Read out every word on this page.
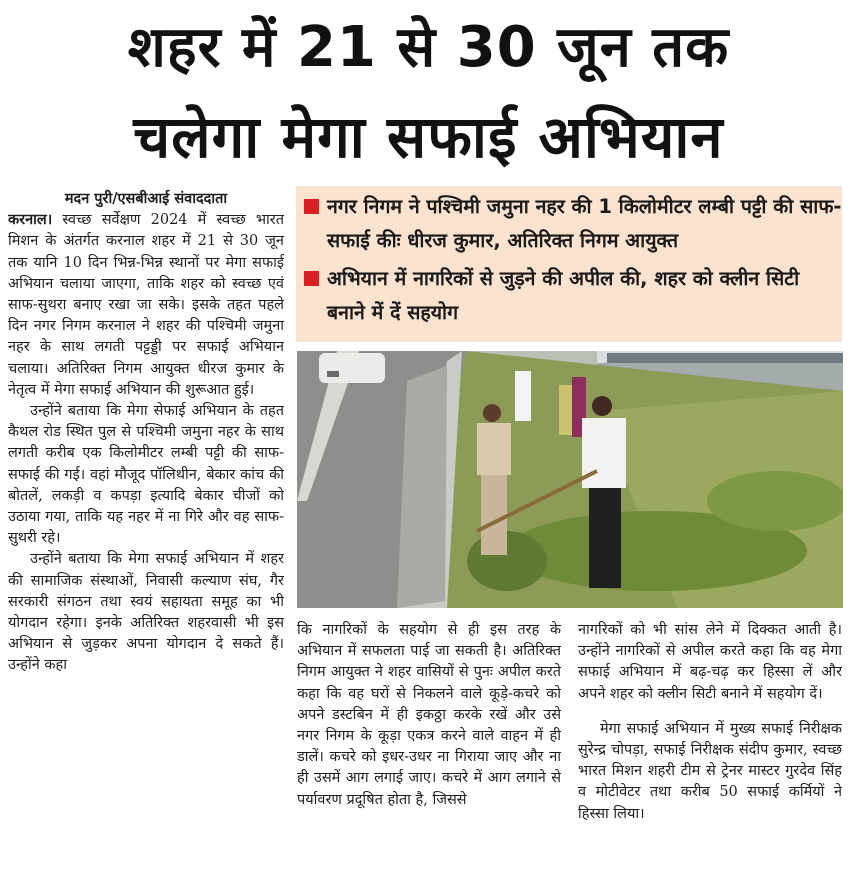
शहर में 21 से 30 जून तक
चलेगा मेगा सफाई अभियान

मदन पुरी/एसबीआई संवाददाता

करनाल। स्वच्छ सर्वेक्षण 2024 में स्वच्छ भारत मिशन के अंतर्गत करनाल शहर में 21 से 30 जून तक यानि 10 दिन भिन्न-भिन्न स्थानों पर मेगा सफाई अभियान चलाया जाएगा, ताकि शहर को स्वच्छ एवं साफ-सुथरा बनाए रखा जा सके। इसके तहत पहले दिन नगर निगम करनाल ने शहर की पश्चिमी जमुना नहर के साथ लगती पट्टड्डी पर सफाई अभियान चलाया। अतिरिक्त निगम आयुक्त धीरज कुमार के नेतृत्व में मेगा सफाई अभियान की शुरूआत हुई।

उन्होंने बताया कि मेगा सेफाई अभियान के तहत कैथल रोड स्थित पुल से पश्चिमी जमुना नहर के साथ लगती करीब एक किलोमीटर लम्बी पट्टी की साफ-सफाई की गई। वहां मौजूद पॉलिथीन, बेकार कांच की बोतलें, लकड़ी व कपड़ा इत्यादि बेकार चीजों को उठाया गया, ताकि यह नहर में ना गिरे और वह साफ-सुथरी रहे।

उन्होंने बताया कि मेगा सफाई अभियान में शहर की सामाजिक संस्थाओं, निवासी कल्याण संघ, गैर सरकारी संगठन तथा स्वयं सहायता समूह का भी योगदान रहेगा। इनके अतिरिक्त शहरवासी भी इस अभियान से जुड़कर अपना योगदान दे सकते हैं। उन्होंने कहा

नगर निगम ने पश्चिमी जमुना नहर की 1 किलोमीटर लम्बी पट्टी की साफ-सफाई कीः धीरज कुमार, अतिरिक्त निगम आयुक्त
अभियान में नागरिकों से जुड़ने की अपील की, शहर को क्लीन सिटी बनाने में दें सहयोग

कि नागरिकों के सहयोग से ही इस तरह के अभियान में सफलता पाई जा सकती है। अतिरिक्त निगम आयुक्त ने शहर वासियों से पुनः अपील करते कहा कि वह घरों से निकलने वाले कूड़े-कचरे को अपने डस्टबिन में ही इकठ्ठा करके रखें और उसे नगर निगम के कूड़ा एकत्र करने वाले वाहन में ही डालें। कचरे को इधर-उधर ना गिराया जाए और ना ही उसमें आग लगाई जाए। कचरे में आग लगाने से पर्यावरण प्रदूषित होता है, जिससे

नागरिकों को भी सांस लेने में दिक्कत आती है। उन्होंने नागरिकों से अपील करते कहा कि वह मेगा सफाई अभियान में बढ़-चढ़ कर हिस्सा लें और अपने शहर को क्लीन सिटी बनाने में सहयोग दें।

मेगा सफाई अभियान में मुख्य सफाई निरीक्षक सुरेन्द्र चोपड़ा, सफाई निरीक्षक संदीप कुमार, स्वच्छ भारत मिशन शहरी टीम से ट्रेनर मास्टर गुरदेव सिंह व मोटीवेटर तथा करीब 50 सफाई कर्मियों ने हिस्सा लिया।
